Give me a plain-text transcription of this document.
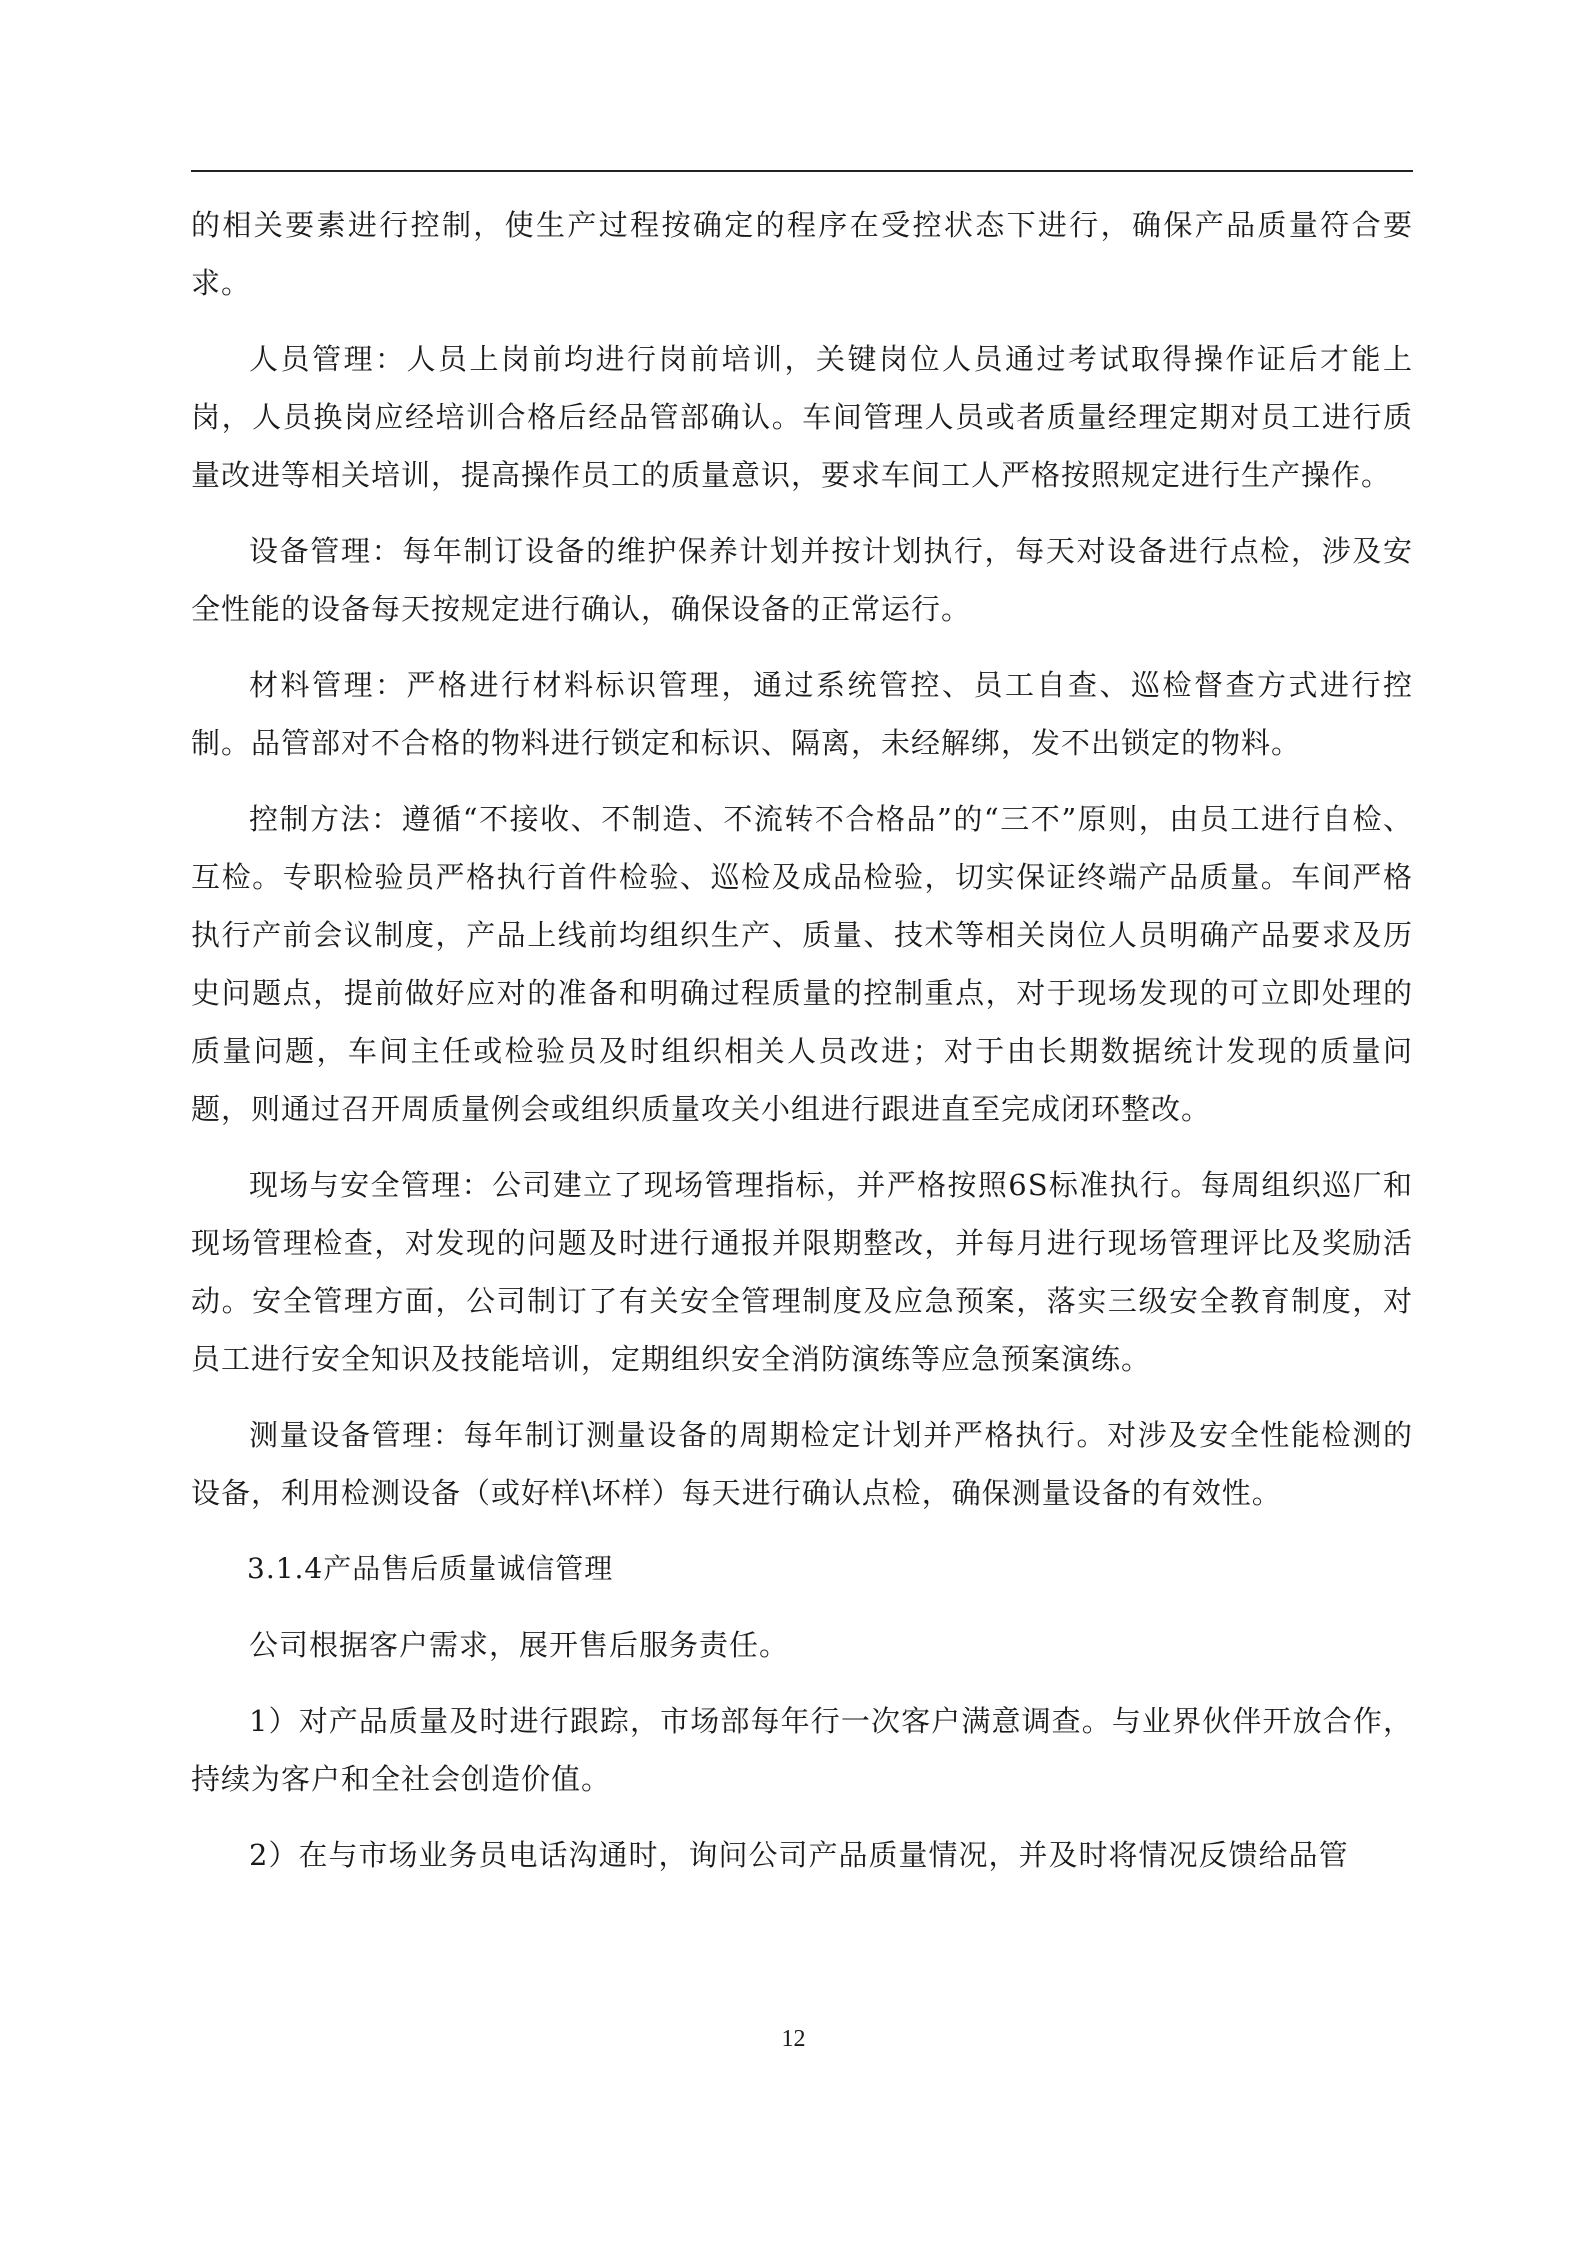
的相关要素进行控制，使生产过程按确定的程序在受控状态下进行，确保产品质量符合要求。

人员管理：人员上岗前均进行岗前培训，关键岗位人员通过考试取得操作证后才能上岗，人员换岗应经培训合格后经品管部确认。车间管理人员或者质量经理定期对员工进行质量改进等相关培训，提高操作员工的质量意识，要求车间工人严格按照规定进行生产操作。

设备管理：每年制订设备的维护保养计划并按计划执行，每天对设备进行点检，涉及安全性能的设备每天按规定进行确认，确保设备的正常运行。

材料管理：严格进行材料标识管理，通过系统管控、员工自查、巡检督查方式进行控制。品管部对不合格的物料进行锁定和标识、隔离，未经解绑，发不出锁定的物料。

控制方法：遵循“不接收、不制造、不流转不合格品”的“三不”原则，由员工进行自检、互检。专职检验员严格执行首件检验、巡检及成品检验，切实保证终端产品质量。车间严格执行产前会议制度，产品上线前均组织生产、质量、技术等相关岗位人员明确产品要求及历史问题点，提前做好应对的准备和明确过程质量的控制重点，对于现场发现的可立即处理的质量问题，车间主任或检验员及时组织相关人员改进；对于由长期数据统计发现的质量问题，则通过召开周质量例会或组织质量攻关小组进行跟进直至完成闭环整改。

现场与安全管理：公司建立了现场管理指标，并严格按照6S标准执行。每周组织巡厂和现场管理检查，对发现的问题及时进行通报并限期整改，并每月进行现场管理评比及奖励活动。安全管理方面，公司制订了有关安全管理制度及应急预案，落实三级安全教育制度，对员工进行安全知识及技能培训，定期组织安全消防演练等应急预案演练。

测量设备管理：每年制订测量设备的周期检定计划并严格执行。对涉及安全性能检测的设备，利用检测设备（或好样\坏样）每天进行确认点检，确保测量设备的有效性。

3.1.4产品售后质量诚信管理

公司根据客户需求，展开售后服务责任。

1）对产品质量及时进行跟踪，市场部每年行一次客户满意调查。与业界伙伴开放合作，持续为客户和全社会创造价值。

2）在与市场业务员电话沟通时，询问公司产品质量情况，并及时将情况反馈给品管

12
